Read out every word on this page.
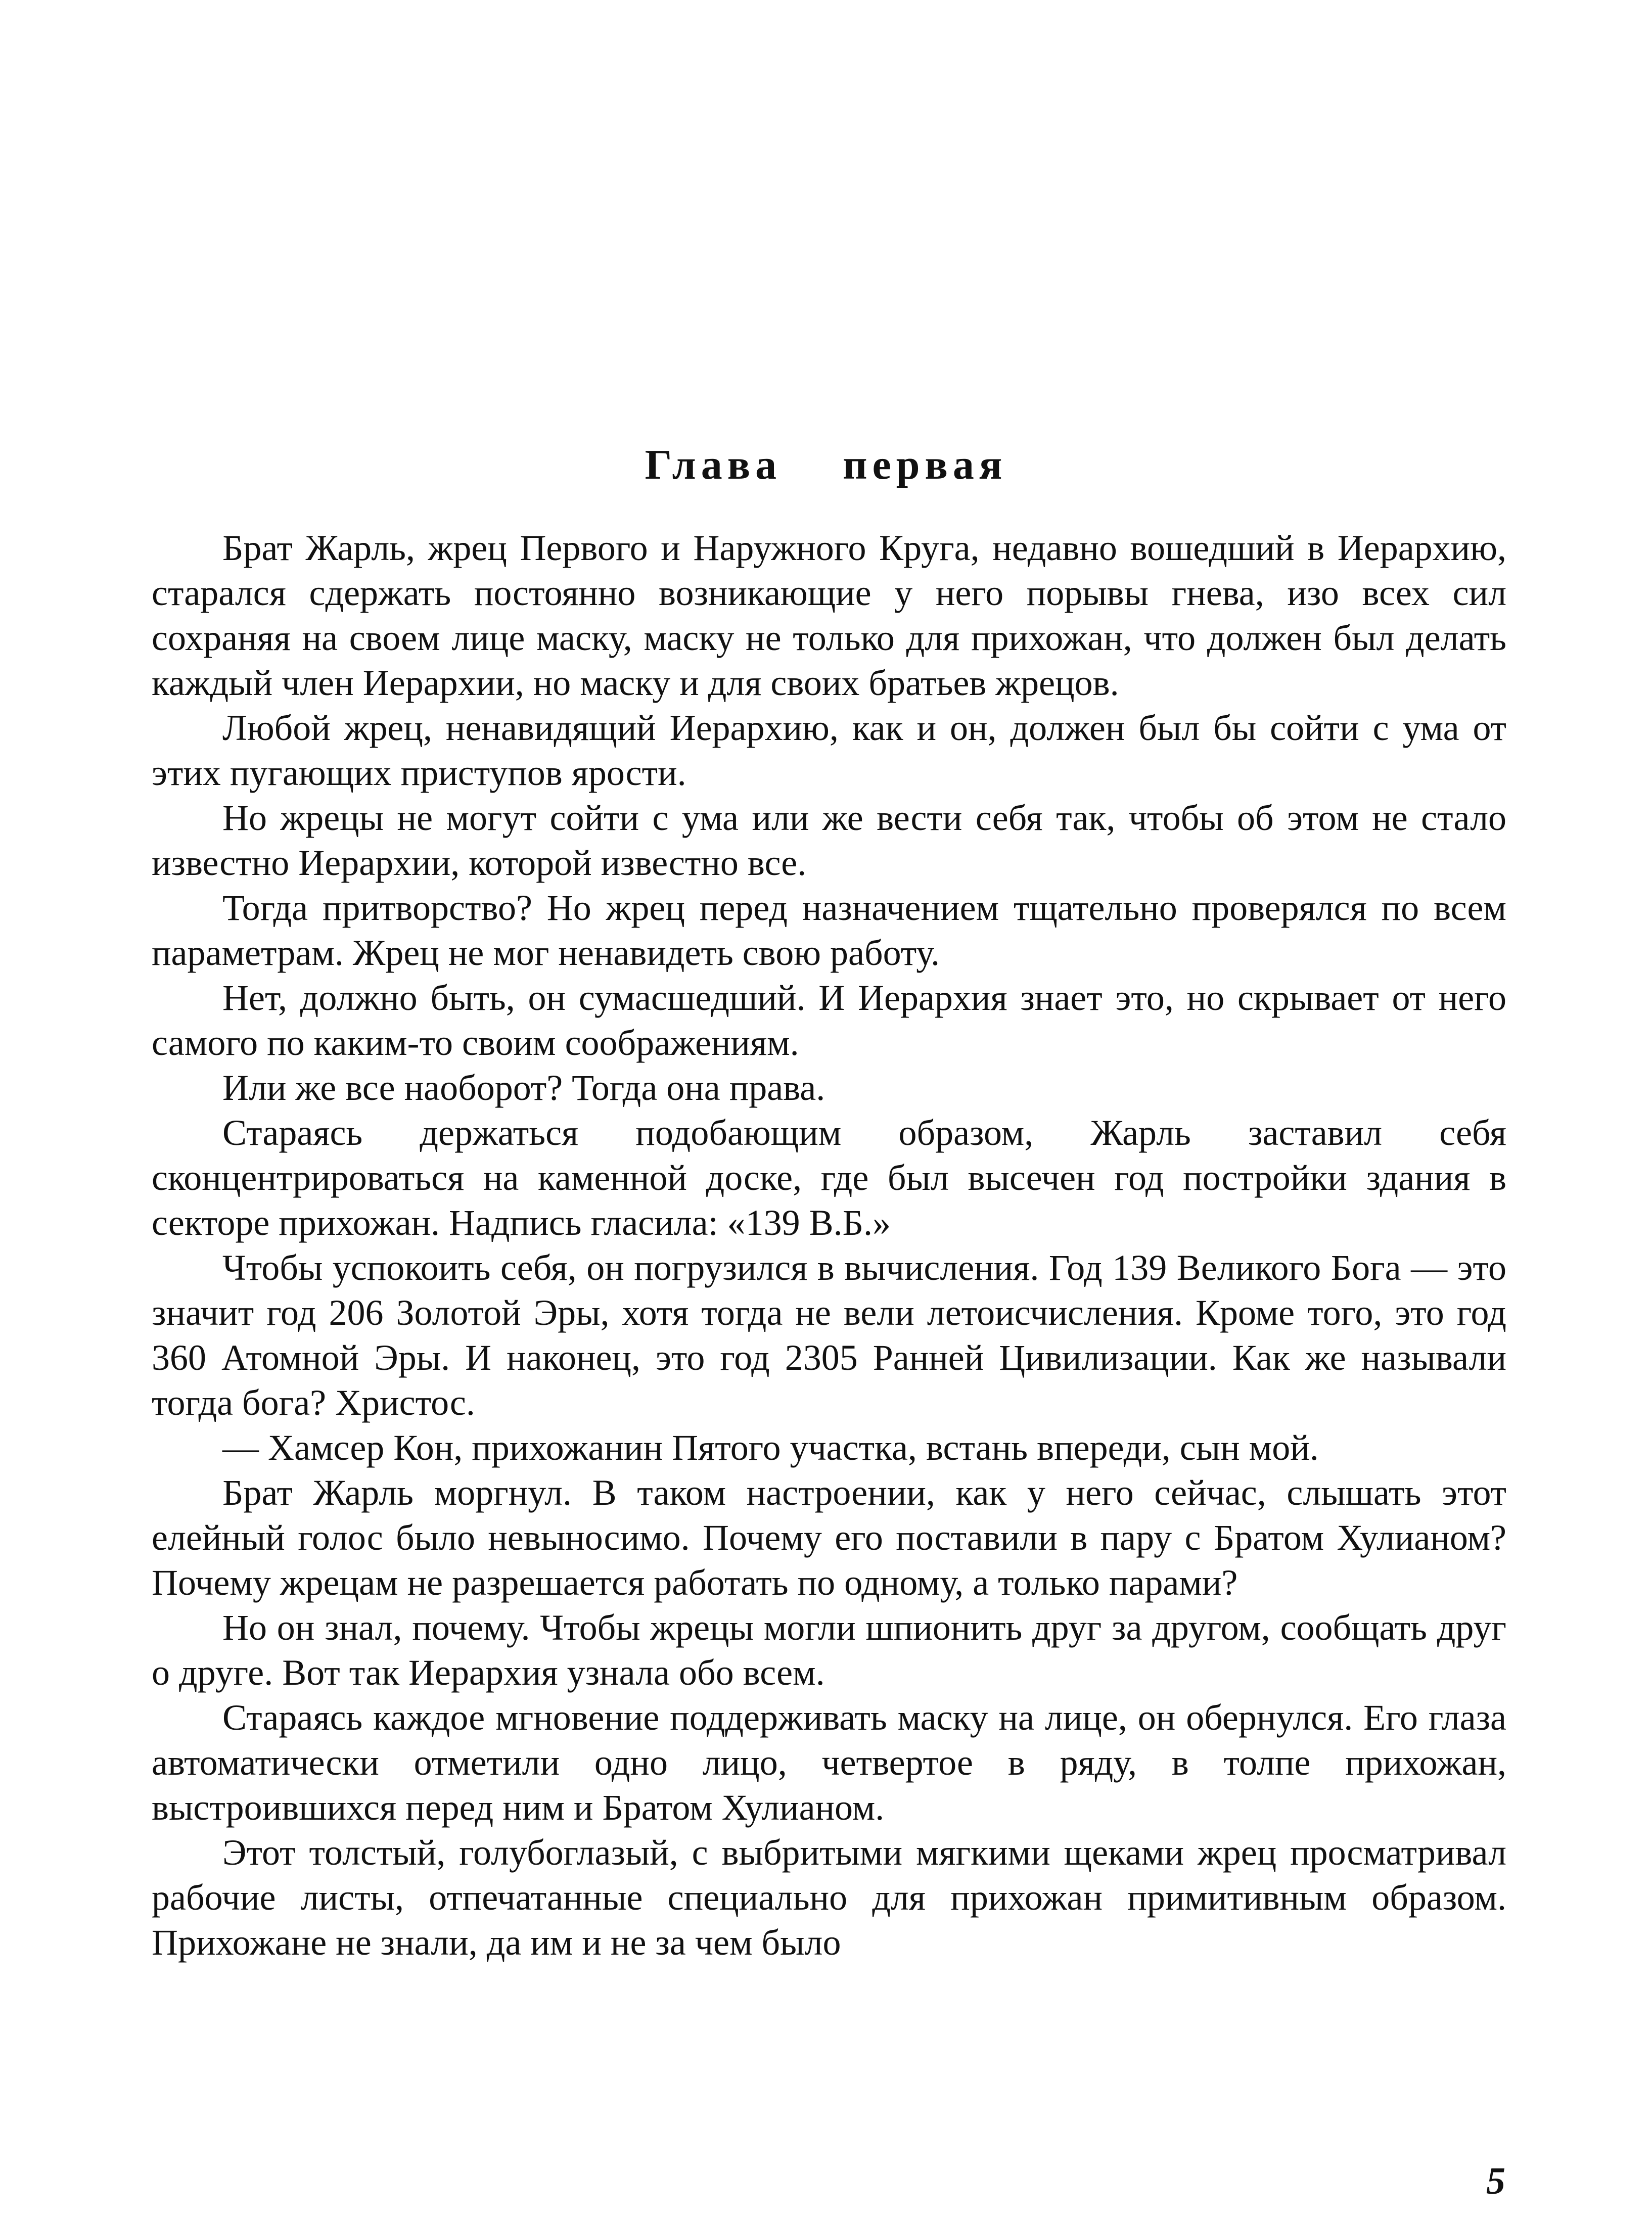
Глава первая

Брат Жарль, жрец Первого и Наружного Круга, недавно вошедший в Иерархию, старался сдержать постоянно возникающие у него порывы гнева, изо всех сил сохраняя на своем лице маску, маску не только для прихожан, что должен был делать каждый член Иерархии, но маску и для своих братьев жрецов.

Любой жрец, ненавидящий Иерархию, как и он, должен был бы сойти с ума от этих пугающих приступов ярости.

Но жрецы не могут сойти с ума или же вести себя так, чтобы об этом не стало известно Иерархии, которой известно все.

Тогда притворство? Но жрец перед назначением тщательно проверялся по всем параметрам. Жрец не мог ненавидеть свою работу.

Нет, должно быть, он сумасшедший. И Иерархия знает это, но скрывает от него самого по каким-то своим соображениям.

Или же все наоборот? Тогда она права.

Стараясь держаться подобающим образом, Жарль заставил себя сконцентрироваться на каменной доске, где был высечен год постройки здания в секторе прихожан. Надпись гласила: «139 В.Б.»

Чтобы успокоить себя, он погрузился в вычисления. Год 139 Великого Бога — это значит год 206 Золотой Эры, хотя тогда не вели летоисчисления. Кроме того, это год 360 Атомной Эры. И наконец, это год 2305 Ранней Цивилизации. Как же называли тогда бога? Христос.

— Хамсер Кон, прихожанин Пятого участка, встань впереди, сын мой.

Брат Жарль моргнул. В таком настроении, как у него сейчас, слышать этот елейный голос было невыносимо. Почему его поставили в пару с Братом Хулианом? Почему жрецам не разрешается работать по одному, а только парами?

Но он знал, почему. Чтобы жрецы могли шпионить друг за другом, сообщать друг о друге. Вот так Иерархия узнала обо всем.

Стараясь каждое мгновение поддерживать маску на лице, он обернулся. Его глаза автоматически отметили одно лицо, четвертое в ряду, в толпе прихожан, выстроившихся перед ним и Братом Хулианом.

Этот толстый, голубоглазый, с выбритыми мягкими щеками жрец просматривал рабочие листы, отпечатанные специально для прихожан примитивным образом. Прихожане не знали, да им и не за чем было

5
